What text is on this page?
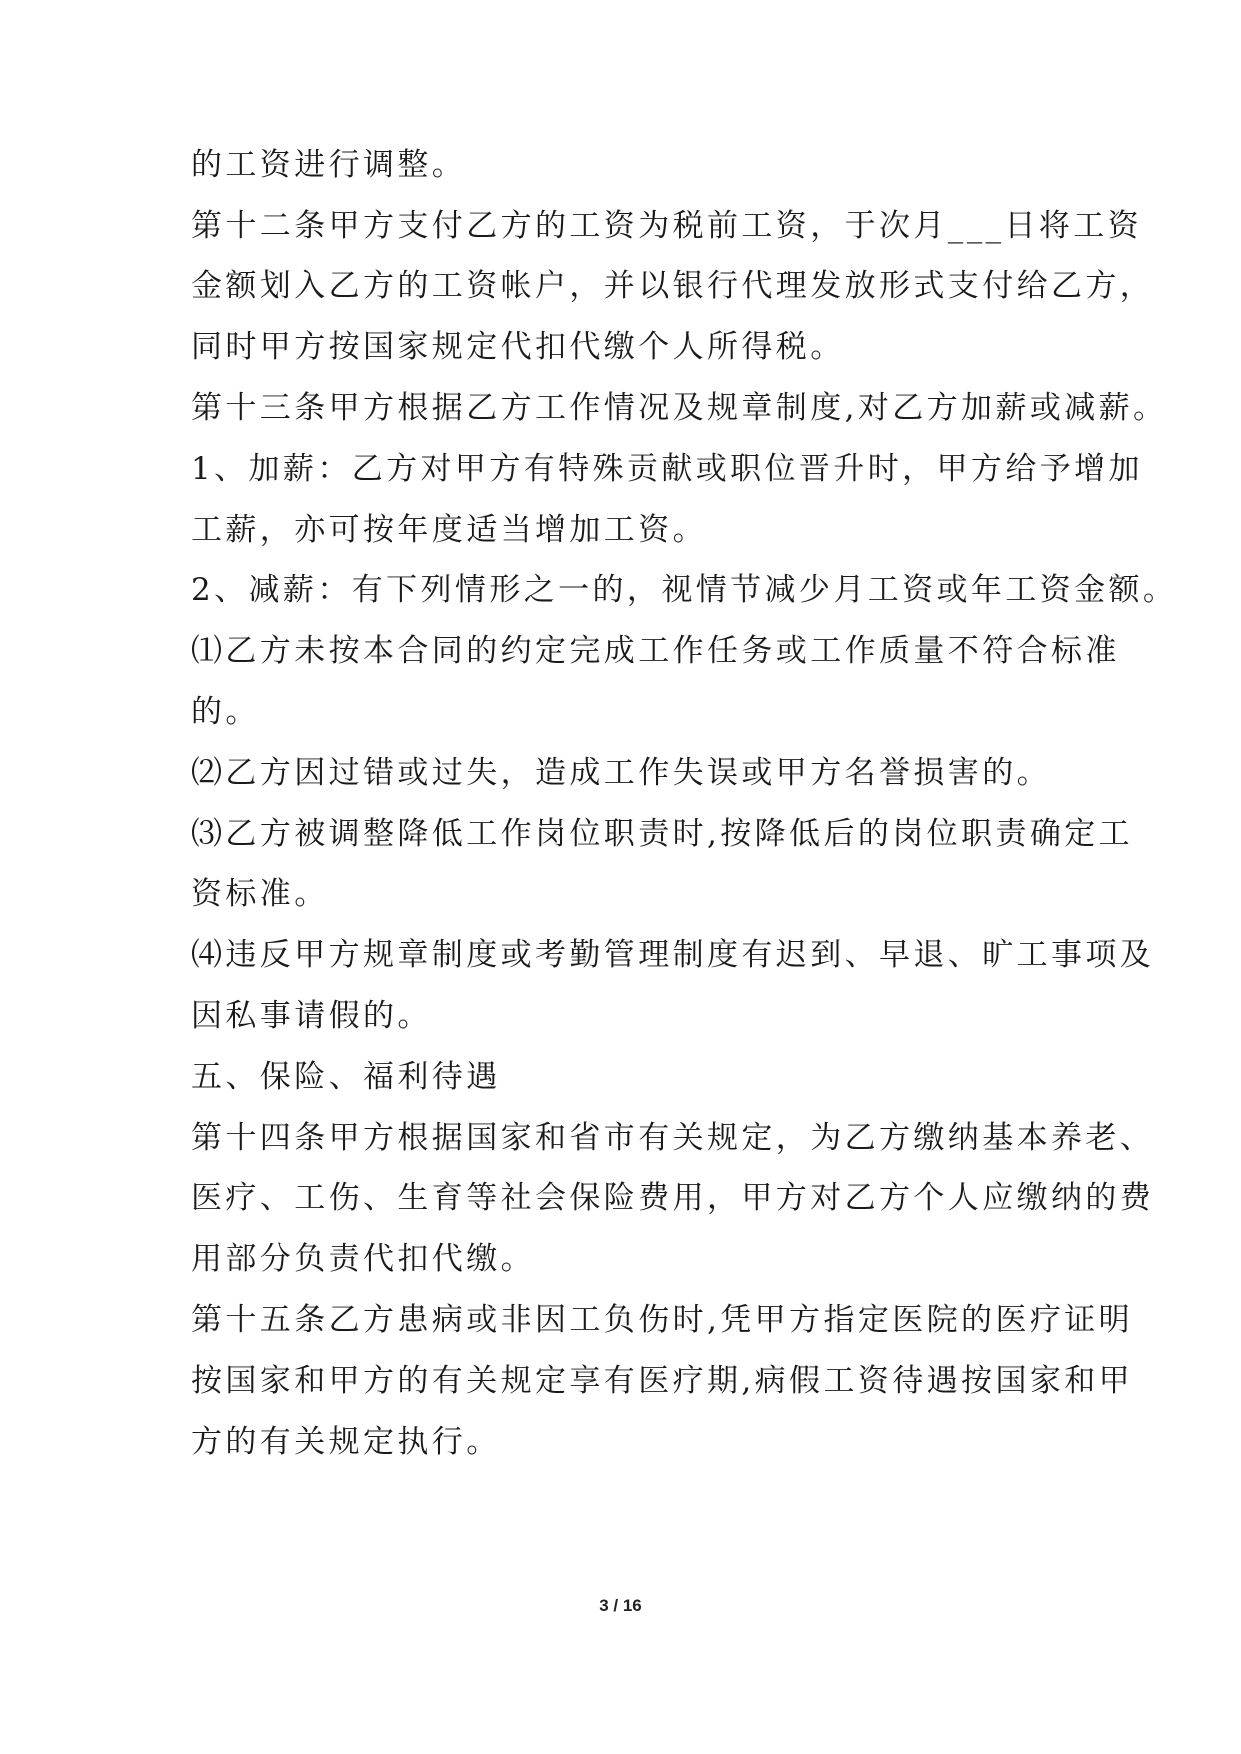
的工资进行调整。
第十二条甲方支付乙方的工资为税前工资，于次月___日将工资
金额划入乙方的工资帐户，并以银行代理发放形式支付给乙方，
同时甲方按国家规定代扣代缴个人所得税。
第十三条甲方根据乙方工作情况及规章制度,对乙方加薪或减薪。
1、加薪：乙方对甲方有特殊贡献或职位晋升时，甲方给予增加
工薪，亦可按年度适当增加工资。
2、减薪：有下列情形之一的，视情节减少月工资或年工资金额。
⑴乙方未按本合同的约定完成工作任务或工作质量不符合标准
的。
⑵乙方因过错或过失，造成工作失误或甲方名誉损害的。
⑶乙方被调整降低工作岗位职责时,按降低后的岗位职责确定工
资标准。
⑷违反甲方规章制度或考勤管理制度有迟到、早退、旷工事项及
因私事请假的。
五、保险、福利待遇
第十四条甲方根据国家和省市有关规定，为乙方缴纳基本养老、
医疗、工伤、生育等社会保险费用，甲方对乙方个人应缴纳的费
用部分负责代扣代缴。
第十五条乙方患病或非因工负伤时,凭甲方指定医院的医疗证明
按国家和甲方的有关规定享有医疗期,病假工资待遇按国家和甲
方的有关规定执行。
3 / 16
